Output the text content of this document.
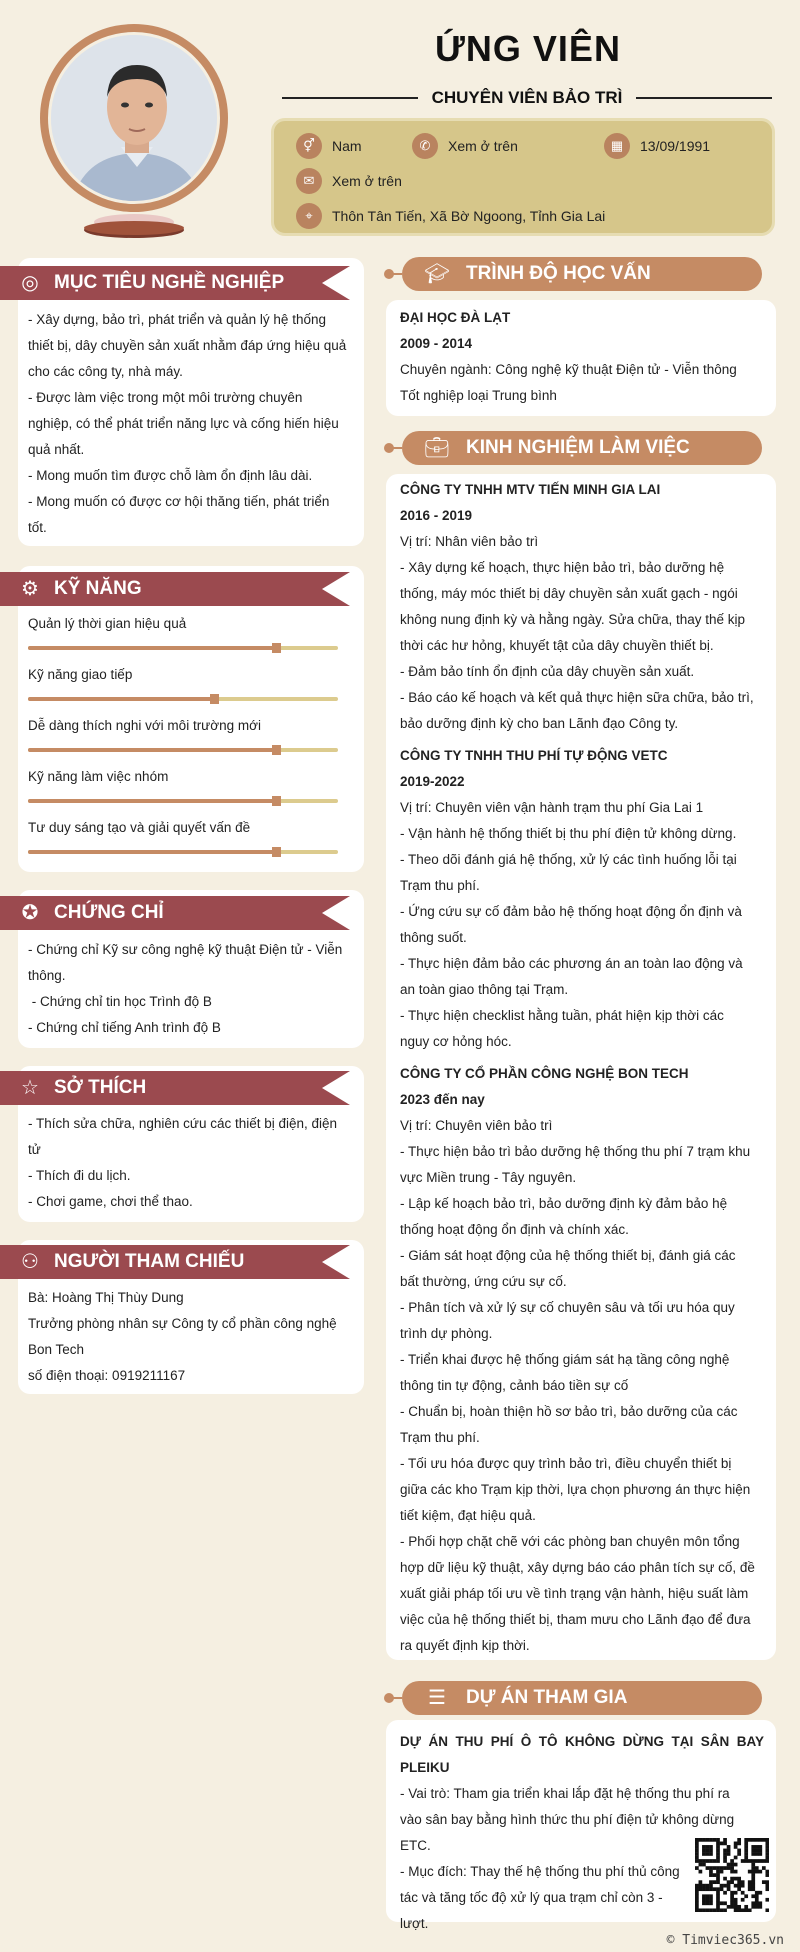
ỨNG VIÊN
CHUYÊN VIÊN BẢO TRÌ
⚥	Nam	✆	Xem ở trên	▦	13/09/1991
✉	Xem ở trên
⌖	Thôn Tân Tiến, Xã Bờ Ngoong, Tỉnh Gia Lai
◎ MỤC TIÊU NGHỀ NGHIỆP
- Xây dựng, bảo trì, phát triển và quản lý hệ thống
thiết bị, dây chuyền sản xuất nhằm đáp ứng hiệu quả
cho các công ty, nhà máy.
- Được làm việc trong một môi trường chuyên
nghiệp, có thể phát triển năng lực và cống hiến hiệu
quả nhất.
- Mong muốn tìm được chỗ làm ổn định lâu dài.
- Mong muốn có được cơ hội thăng tiến, phát triển
tốt.
⚙ KỸ NĂNG
Quản lý thời gian hiệu quả
Kỹ năng giao tiếp
Dễ dàng thích nghi với môi trường mới
Kỹ năng làm việc nhóm
Tư duy sáng tạo và giải quyết vấn đề
✪ CHỨNG CHỈ
- Chứng chỉ Kỹ sư công nghệ kỹ thuật Điện tử - Viễn
thông.
- Chứng chỉ tin học Trình độ B
- Chứng chỉ tiếng Anh trình độ B
☆ SỞ THÍCH
- Thích sửa chữa, nghiên cứu các thiết bị điện, điện
tử
- Thích đi du lịch.
- Chơi game, chơi thể thao.
⚇ NGƯỜI THAM CHIẾU
Bà: Hoàng Thị Thùy Dung
Trưởng phòng nhân sự Công ty cổ phần công nghệ
Bon Tech
số điện thoại: 0919211167
🎓︎ TRÌNH ĐỘ HỌC VẤN
ĐẠI HỌC ĐÀ LẠT
2009 - 2014
Chuyên ngành: Công nghệ kỹ thuật Điện tử - Viễn thông
Tốt nghiệp loại Trung bình
💼︎ KINH NGHIỆM LÀM VIỆC
CÔNG TY TNHH MTV TIẾN MINH GIA LAI
2016 - 2019
Vị trí: Nhân viên bảo trì
- Xây dựng kế hoạch, thực hiện bảo trì, bảo dưỡng hệ
thống, máy móc thiết bị dây chuyền sản xuất gạch - ngói
không nung định kỳ và hằng ngày. Sửa chữa, thay thế kịp
thời các hư hỏng, khuyết tật của dây chuyền thiết bị.
- Đảm bảo tính ổn định của dây chuyền sản xuất.
- Báo cáo kế hoạch và kết quả thực hiện sữa chữa, bảo trì,
bảo dưỡng định kỳ cho ban Lãnh đạo Công ty.
CÔNG TY TNHH THU PHÍ TỰ ĐỘNG VETC
2019-2022
Vị trí: Chuyên viên vận hành trạm thu phí Gia Lai 1
- Vận hành hệ thống thiết bị thu phí điện tử không dừng.
- Theo dõi đánh giá hệ thống, xử lý các tình huống lỗi tại
Trạm thu phí.
- Ứng cứu sự cố đảm bảo hệ thống hoạt động ổn định và
thông suốt.
- Thực hiện đảm bảo các phương án an toàn lao động và
an toàn giao thông tại Trạm.
- Thực hiện checklist hằng tuần, phát hiện kịp thời các
nguy cơ hỏng hóc.
CÔNG TY CỔ PHẦN CÔNG NGHỆ BON TECH
2023 đến nay
Vị trí: Chuyên viên bảo trì
- Thực hiện bảo trì bảo dưỡng hệ thống thu phí 7 trạm khu
vực Miền trung - Tây nguyên.
- Lập kế hoạch bảo trì, bảo dưỡng định kỳ đảm bảo hệ
thống hoạt động ổn định và chính xác.
- Giám sát hoạt động của hệ thống thiết bị, đánh giá các
bất thường, ứng cứu sự cố.
- Phân tích và xử lý sự cố chuyên sâu và tối ưu hóa quy
trình dự phòng.
- Triển khai được hệ thống giám sát hạ tầng công nghệ
thông tin tự động, cảnh báo tiền sự cố
- Chuẩn bị, hoàn thiện hồ sơ bảo trì, bảo dưỡng của các
Trạm thu phí.
- Tối ưu hóa được quy trình bảo trì, điều chuyển thiết bị
giữa các kho Trạm kịp thời, lựa chọn phương án thực hiện
tiết kiệm, đạt hiệu quả.
- Phối hợp chặt chẽ với các phòng ban chuyên môn tổng
hợp dữ liệu kỹ thuật, xây dựng báo cáo phân tích sự cố, đề
xuất giải pháp tối ưu về tình trạng vận hành, hiệu suất làm
việc của hệ thống thiết bị, tham mưu cho Lãnh đạo để đưa
ra quyết định kịp thời.
☰ DỰ ÁN THAM GIA
DỰ ÁN THU PHÍ Ô TÔ KHÔNG DỪNG TẠI SÂN BAY PLEIKU
- Vai trò: Tham gia triển khai lắp đặt hệ thống thu phí ra
vào sân bay bằng hình thức thu phí điện tử không dừng
ETC.
- Mục đích: Thay thế hệ thống thu phí thủ công
tác và tăng tốc độ xử lý qua trạm chỉ còn 3 -
lượt.
© Timviec365.vn
